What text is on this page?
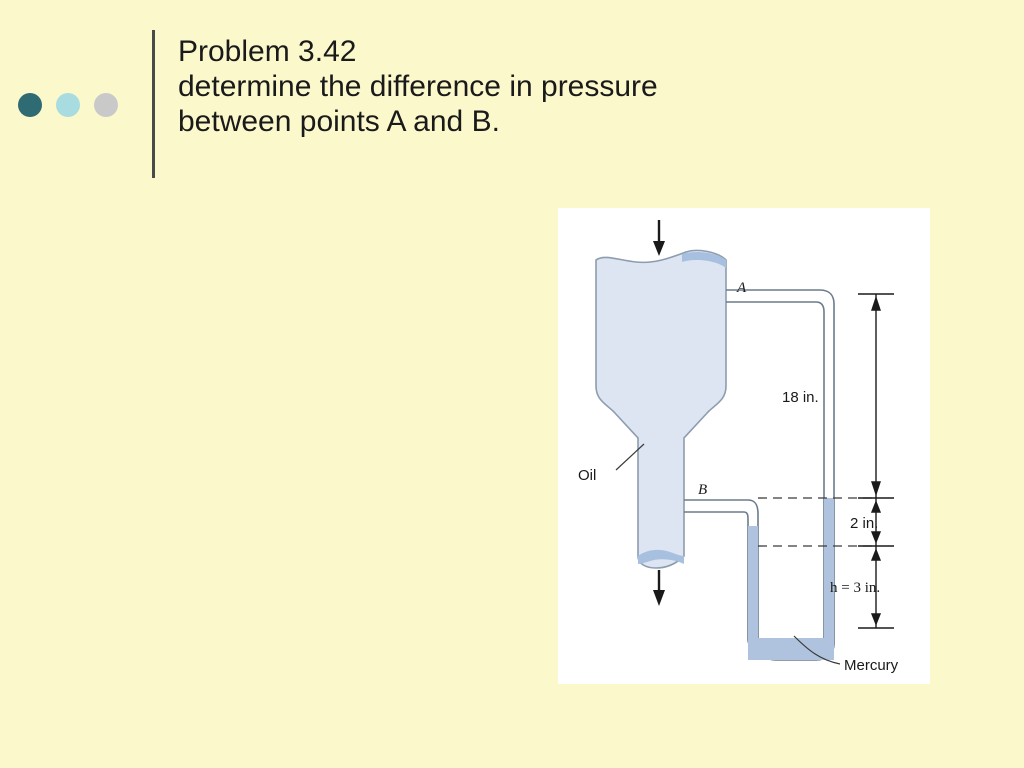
Problem 3.42
determine the difference in pressure
between points A and B.
A
B
Oil
Mercury
18 in.
2 in.
h = 3 in.
